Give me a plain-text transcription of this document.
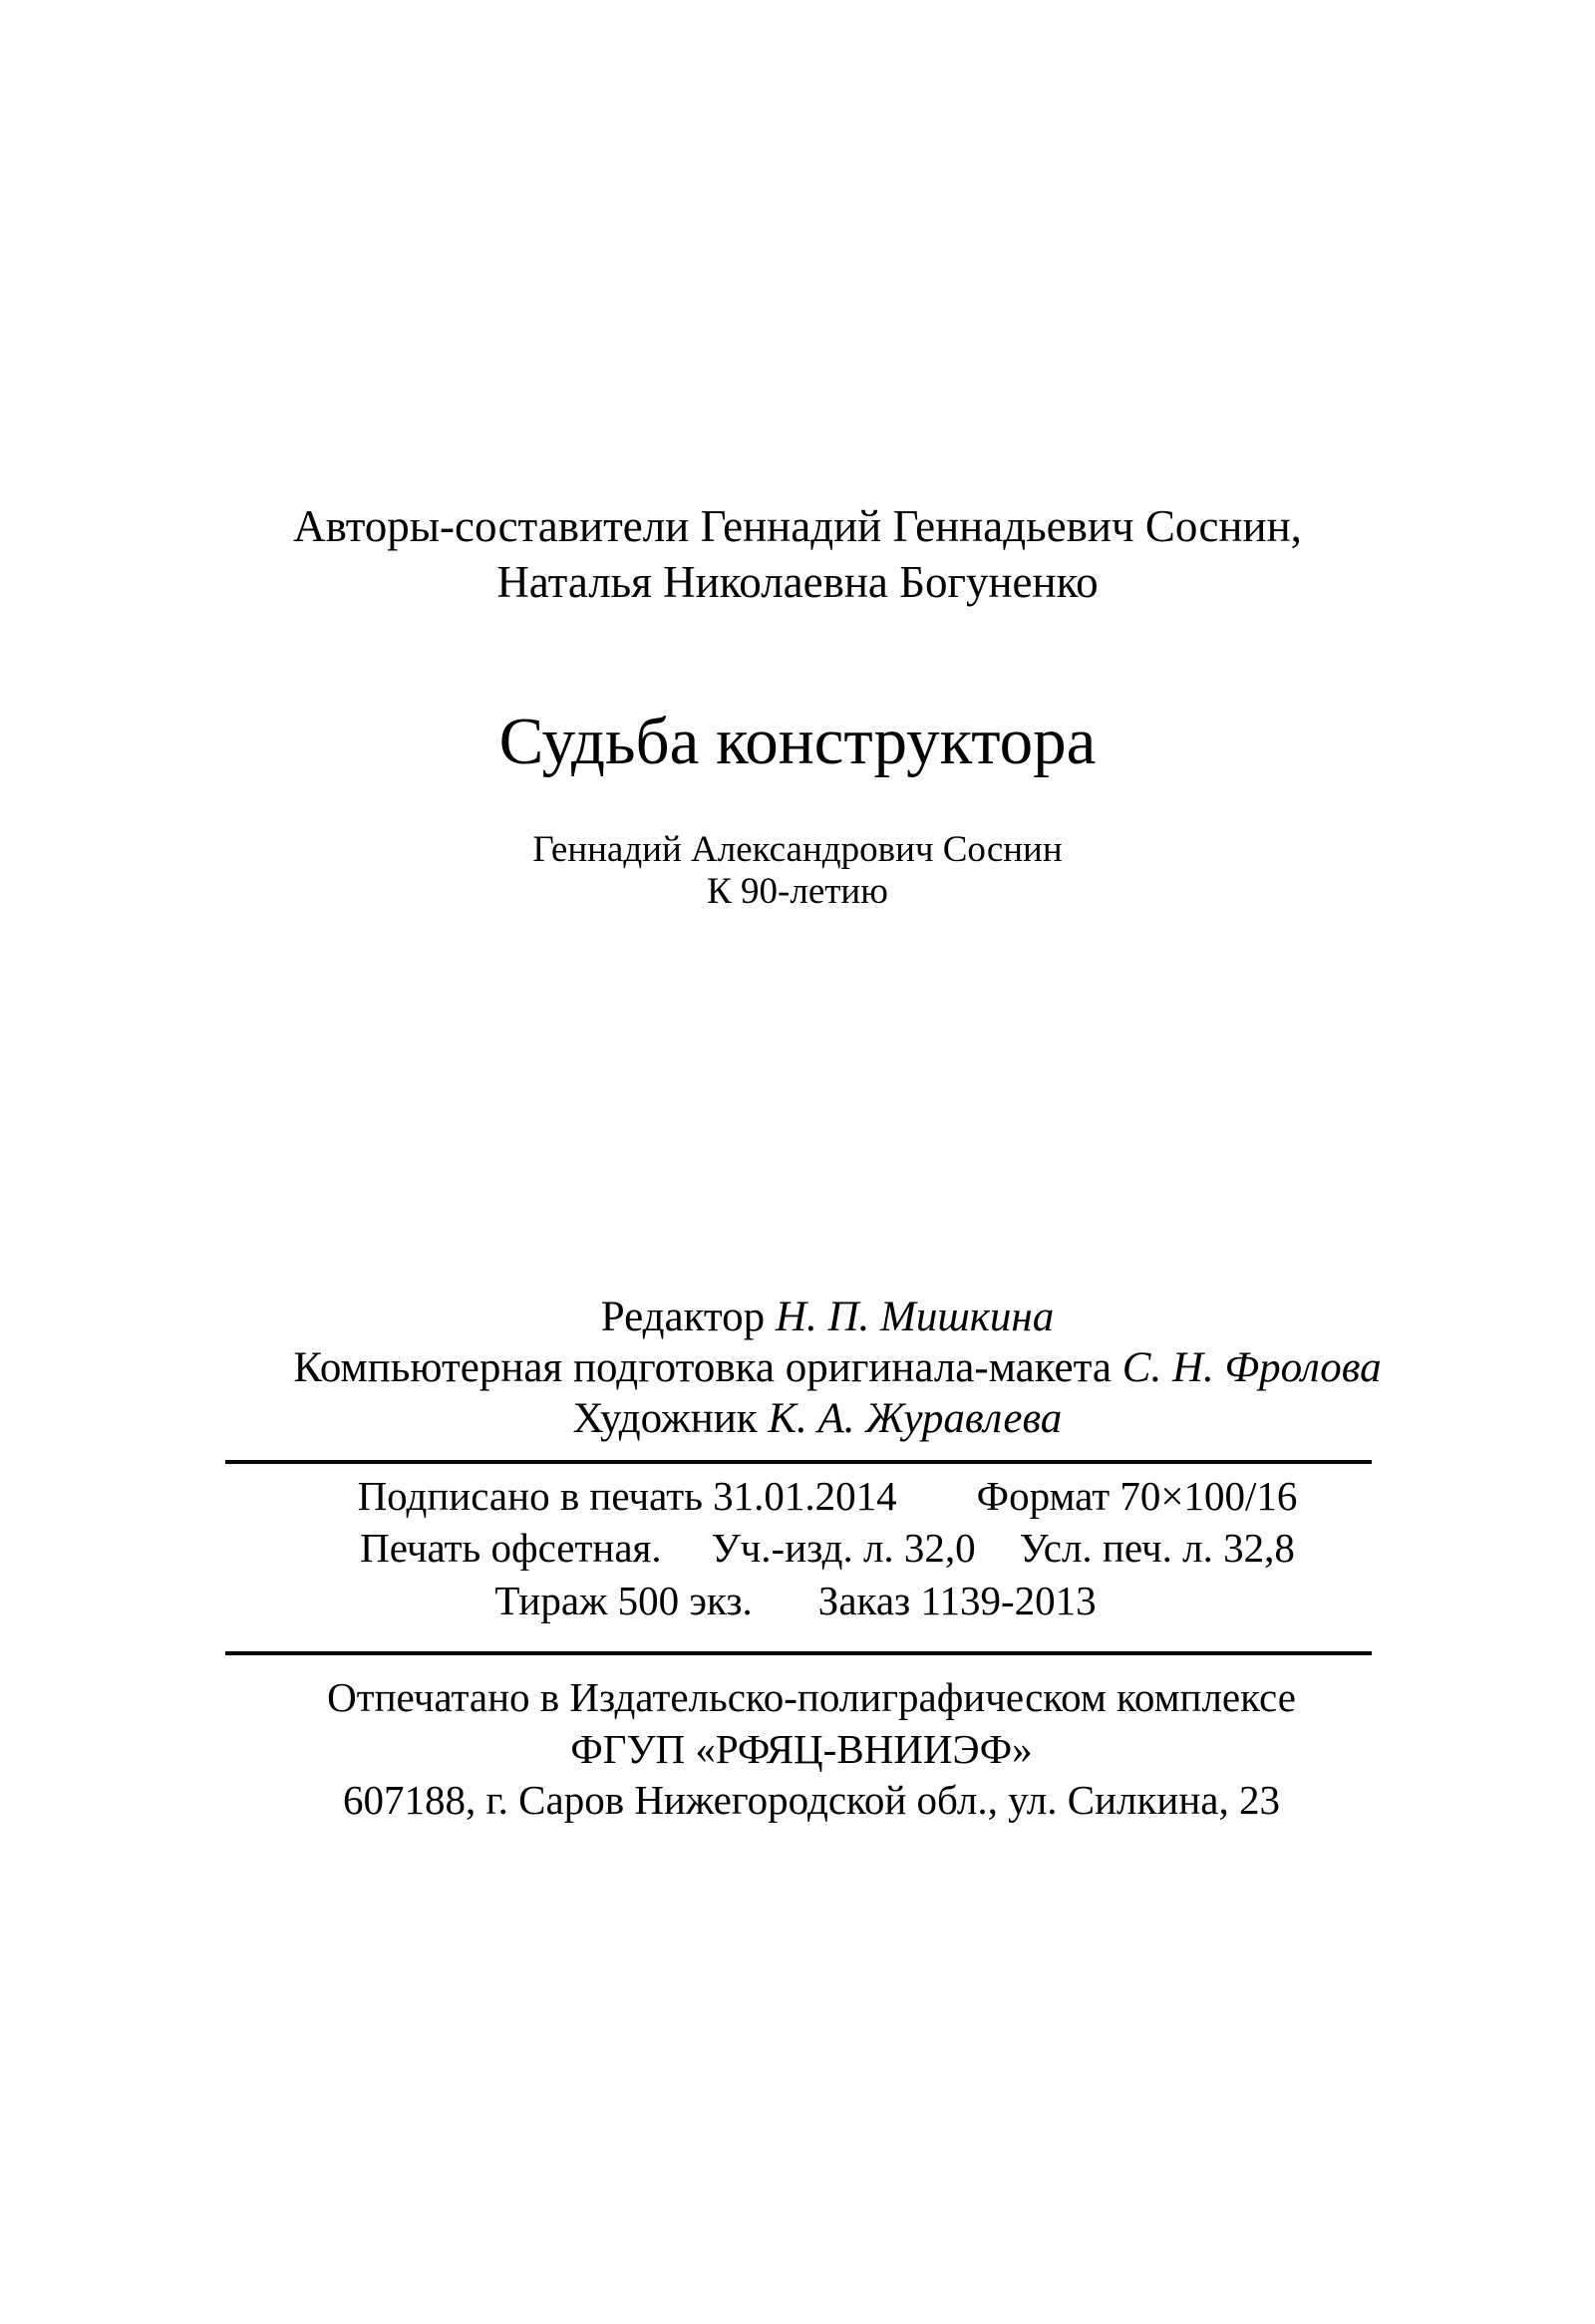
Авторы-составители Геннадий Геннадьевич Соснин,
Наталья Николаевна Богуненко
Судьба конструктора
Геннадий Александрович Соснин
К 90-летию
Редактор Н. П. Мишкина
Компьютерная подготовка оригинала-макета С. Н. Фролова
Художник К. А. Журавлева
Подписано в печать 31.01.2014 Формат 70×100/16
Печать офсетная. Уч.-изд. л. 32,0 Усл. печ. л. 32,8
Тираж 500 экз. Заказ 1139-2013
Отпечатано в Издательско-полиграфическом комплексе
ФГУП «РФЯЦ-ВНИИЭФ»
607188, г. Саров Нижегородской обл., ул. Силкина, 23
